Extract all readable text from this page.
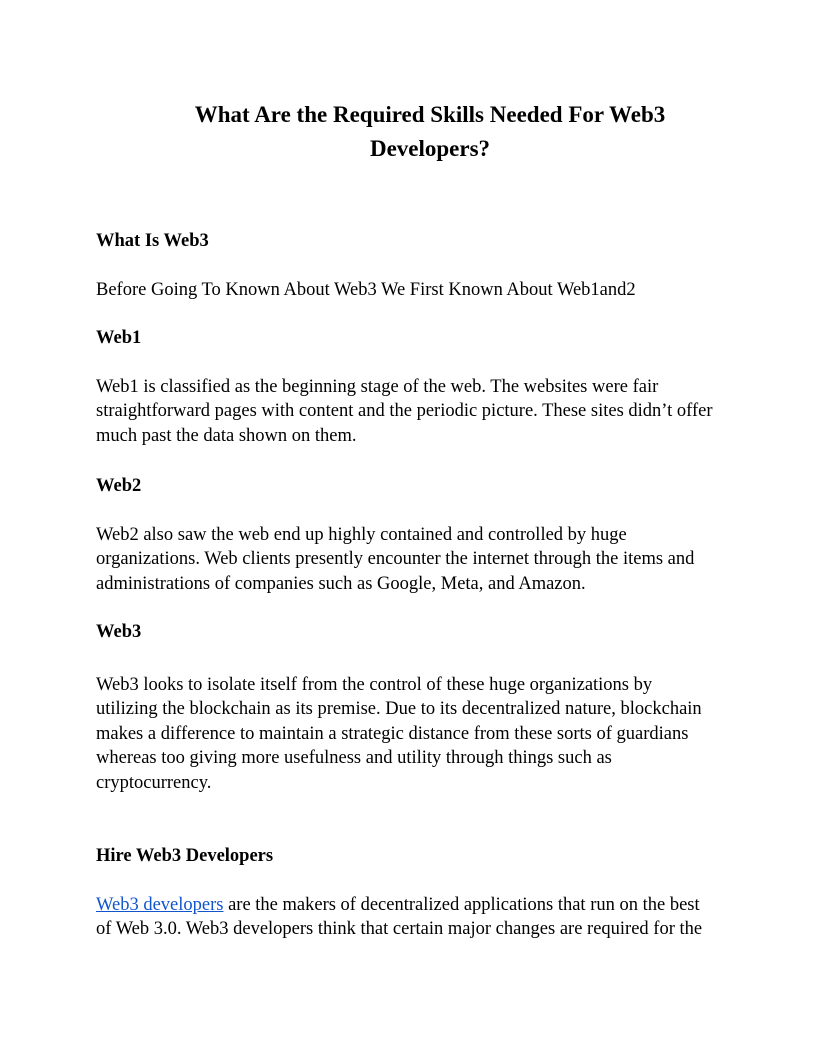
What Are the Required Skills Needed For Web3
Developers?
What Is Web3
Before Going To Known About Web3 We First Known About Web1and2
Web1
Web1 is classified as the beginning stage of the web. The websites were fair
straightforward pages with content and the periodic picture. These sites didn’t offer
much past the data shown on them.
Web2
Web2 also saw the web end up highly contained and controlled by huge
organizations. Web clients presently encounter the internet through the items and
administrations of companies such as Google, Meta, and Amazon.
Web3
Web3 looks to isolate itself from the control of these huge organizations by
utilizing the blockchain as its premise. Due to its decentralized nature, blockchain
makes a difference to maintain a strategic distance from these sorts of guardians
whereas too giving more usefulness and utility through things such as
cryptocurrency.
Hire Web3 Developers
Web3 developers are the makers of decentralized applications that run on the best
of Web 3.0. Web3 developers think that certain major changes are required for the
